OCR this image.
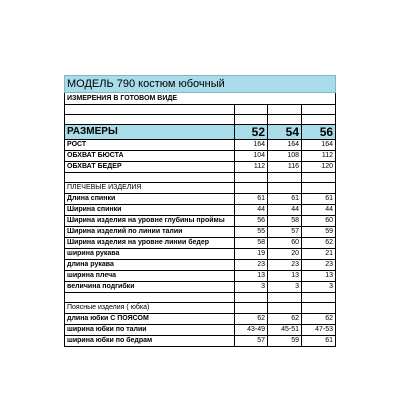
МОДЕЛЬ 790 костюм юбочный			
ИЗМЕРЕНИЯ В ГОТОВОМ ВИДЕ			

РАЗМЕРЫ	52	54	56
РОСТ	164	164	164
ОБХВАТ БЮСТА	104	108	112
ОБХВАТ БЕДЕР	112	116	120

ПЛЕЧЕВЫЕ ИЗДЕЛИЯ			
Длина спинки	61	61	61
Ширина спинки	44	44	44
Ширина изделия на уровне глубины проймы	56	58	60
Ширина изделий по линии талии	55	57	59
Ширина изделия на уровне линии бедер	58	60	62
ширина рукава	19	20	21
длина рукава	23	23	23
ширина плеча	13	13	13
величина подгибки	3	3	3

Поясные изделия ( юбка)			
длина юбки С ПОЯСОМ	62	62	62
ширина юбки по талии	43-49	45-51	47-53
ширина юбки по бедрам	57	59	61
